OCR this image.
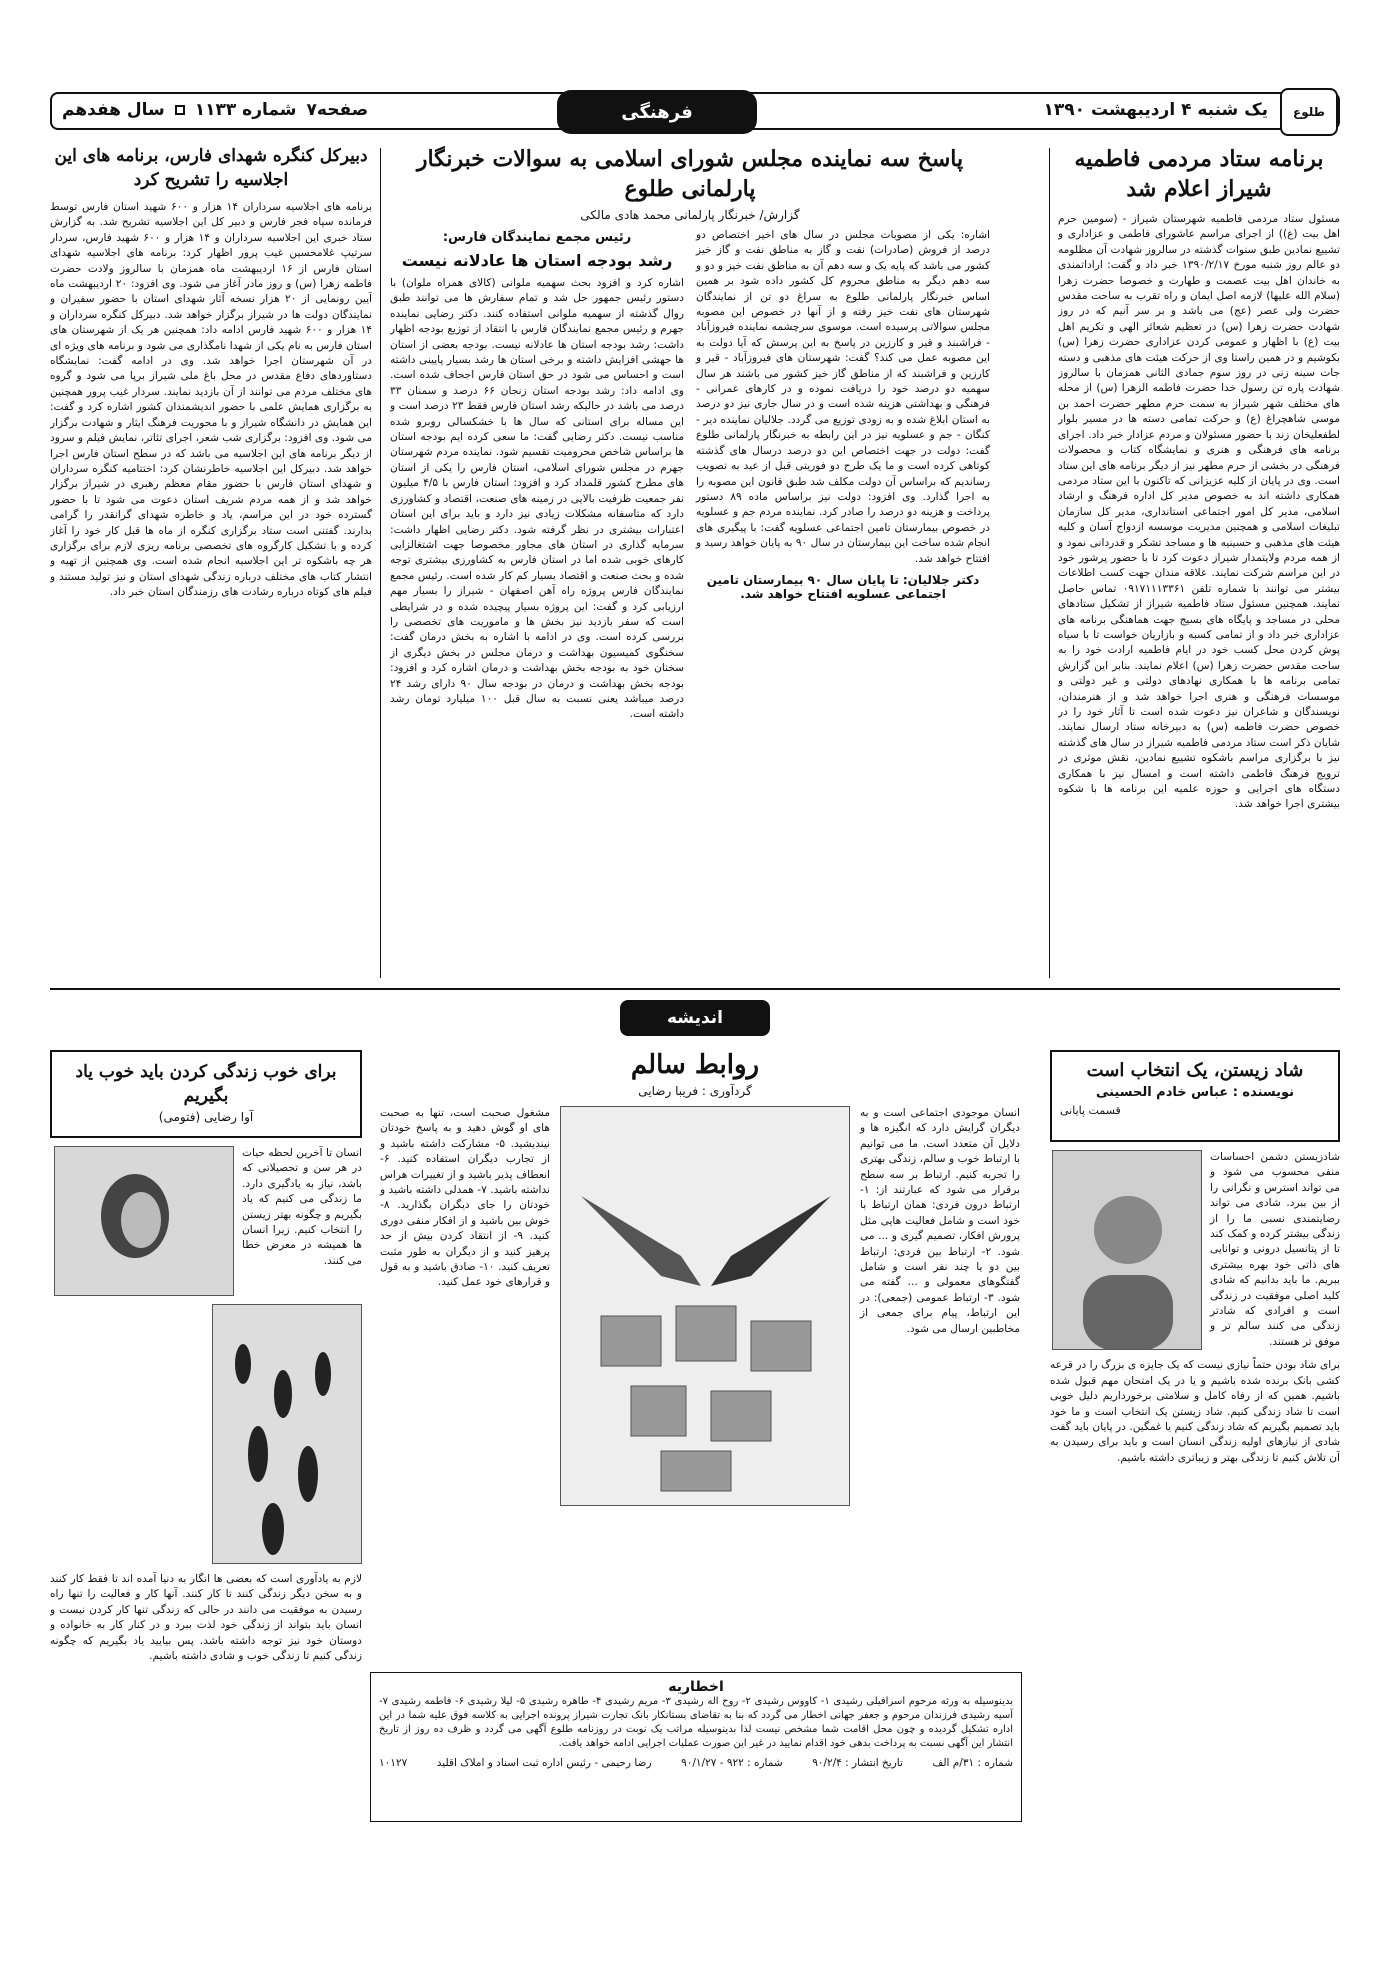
طلوع
یک شنبه ۴ اردیبهشت ۱۳۹۰
فرهنگی
صفحه۷
شماره ۱۱۳۳
سال هفدهم
برنامه ستاد مردمی فاطمیه شیراز اعلام شد
مسئول ستاد مردمی فاطمیه شهرستان شیراز - (سومین حرم اهل بیت (ع)) از اجرای مراسم عاشورای فاطمی و عزاداری و تشییع نمادین طبق سنوات گذشته در سالروز شهادت آن مظلومه دو عالم روز شنبه مورخ ۱۳۹۰/۲/۱۷ خبر داد و گفت: اراداتمندی به خاندان اهل بیت عصمت و طهارت و خصوصا حضرت زهرا (سلام الله علیها) لازمه اصل ایمان و راه تقرب به ساحت مقدس حضرت ولی عصر (عج) می باشد و بر سر آنیم که در روز شهادت حضرت زهرا (س) در تعظیم شعائر الهی و تکریم اهل بیت (ع) با اظهار و عمومی کردن عزاداری حضرت زهرا (س) بکوشیم و در همین راستا وی از حرکت هیئت های مذهبی و دسته جات سینه زنی در روز سوم جمادی الثانی همزمان با سالروز شهادت پاره تن رسول خدا حضرت فاطمه الزهرا (س) از محله های مختلف شهر شیراز به سمت حرم مطهر حضرت احمد بن موسی شاهچراغ (ع) و حرکت تمامی دسته ها در مسیر بلوار لطفعلیخان زند با حضور مسئولان و مردم عزادار خبر داد. اجرای برنامه های فرهنگی و هنری و نمایشگاه کتاب و محصولات فرهنگی در بخشی از حرم مطهر نیز از دیگر برنامه های این ستاد است. وی در پایان از کلیه عزیزانی که تاکنون با این ستاد مردمی همکاری داشته اند به خصوص مدیر کل اداره فرهنگ و ارشاد اسلامی، مدیر کل امور اجتماعی استانداری، مدیر کل سازمان تبلیغات اسلامی و همچنین مدیریت موسسه ازدواج آسان و کلیه هیئت های مذهبی و حسینیه ها و مساجد تشکر و قدردانی نمود و از همه مردم ولایتمدار شیراز دعوت کرد تا با حضور پرشور خود در این مراسم شرکت نمایند. علاقه مندان جهت کسب اطلاعات بیشتر می توانند با شماره تلفن ۰۹۱۷۱۱۱۳۳۶۱ تماس حاصل نمایند. همچنین مسئول ستاد فاطمیه شیراز از تشکیل ستادهای محلی در مساجد و پایگاه های بسیج جهت هماهنگی برنامه های عزاداری خبر داد و از تمامی کسبه و بازاریان خواست تا با سیاه پوش کردن محل کسب خود در ایام فاطمیه ارادت خود را به ساحت مقدس حضرت زهرا (س) اعلام نمایند. بنابر این گزارش تمامی برنامه ها با همکاری نهادهای دولتی و غیر دولتی و موسسات فرهنگی و هنری اجرا خواهد شد و از هنرمندان، نویسندگان و شاعران نیز دعوت شده است تا آثار خود را در خصوص حضرت فاطمه (س) به دبیرخانه ستاد ارسال نمایند. شایان ذکر است ستاد مردمی فاطمیه شیراز در سال های گذشته نیز با برگزاری مراسم باشکوه تشییع نمادین، نقش موثری در ترویج فرهنگ فاطمی داشته است و امسال نیز با همکاری دستگاه های اجرایی و حوزه علمیه این برنامه ها با شکوه بیشتری اجرا خواهد شد.
پاسخ سه نماینده مجلس شورای اسلامی به سوالات خبرنگار پارلمانی طلوع
گزارش/ خبرنگار پارلمانی محمد هادی مالکی
اشاره: یکی از مصوبات مجلس در سال های اخیر اختصاص دو درصد از فروش (صادرات) نفت و گاز به مناطق نفت و گاز خیز کشور می باشد که پایه یک و سه دهم آن به مناطق نفت خیز و دو و سه دهم دیگر به مناطق محروم کل کشور داده شود بر همین اساس خبرنگار پارلمانی طلوع به سراغ دو تن از نمایندگان شهرستان های نفت خیز رفته و از آنها در خصوص این مصوبه مجلس سوالاتی پرسیده است. موسوی سرچشمه نماینده فیروزآباد - فراشبند و قیر و کارزین در پاسخ به این پرسش که آیا دولت به این مصوبه عمل می کند؟ گفت: شهرستان های فیروزآباد - قیر و کارزین و فراشبند که از مناطق گاز خیز کشور می باشند هر سال سهمیه دو درصد خود را دریافت نموده و در کارهای عمرانی - فرهنگی و بهداشتی هزینه شده است و در سال جاری نیز دو درصد به استان ابلاغ شده و به زودی توزیع می گردد. جلالیان نماینده دیر - کنگان - جم و عسلویه نیز در این رابطه به خبرنگار پارلمانی طلوع گفت: دولت در جهت اختصاص این دو درصد درسال های گذشته کوتاهی کرده است و ما یک طرح دو فوریتی قبل از عید به تصویب رساندیم که براساس آن دولت مکلف شد طبق قانون این مصوبه را به اجرا گذارد. وی افزود: دولت نیز براساس ماده ۸۹ دستور پرداخت و هزینه دو درصد را صادر کرد. نماینده مردم جم و عسلویه در خصوص بیمارستان تامین اجتماعی عسلویه گفت: با پیگیری های انجام شده ساخت این بیمارستان در سال ۹۰ به پایان خواهد رسید و افتتاح خواهد شد.
دکتر جلالیان: تا پایان سال ۹۰ بیمارستان تامین اجتماعی عسلویه افتتاح خواهد شد.
رئیس مجمع نمایندگان فارس:
رشد بودجه استان ها عادلانه نیست
اشاره کرد و افزود بحث سهمیه ملوانی (کالای همراه ملوان) با دستور رئیس جمهور حل شد و تمام سفارش ها می توانند طبق روال گذشته از سهمیه ملوانی استفاده کنند. دکتر رضایی نماینده جهرم و رئیس مجمع نمایندگان فارس با انتقاد از توزیع بودجه اظهار داشت: رشد بودجه استان ها عادلانه نیست. بودجه بعضی از استان ها جهشی افزایش داشته و برخی استان ها رشد بسیار پایینی داشته است و احساس می شود در حق استان فارس اجحاف شده است. وی ادامه داد: رشد بودجه استان زنجان ۶۶ درصد و سمنان ۳۳ درصد می باشد در حالیکه رشد استان فارس فقط ۲۳ درصد است و این مساله برای استانی که سال ها با خشکسالی روبرو شده مناسب نیست. دکتر رضایی گفت: ما سعی کرده ایم بودجه استان ها براساس شاخص محرومیت تقسیم شود. نماینده مردم شهرستان جهرم در مجلس شورای اسلامی، استان فارس را یکی از استان های مطرح کشور قلمداد کرد و افزود: استان فارس با ۴/۵ میلیون نفر جمعیت ظرفیت بالایی در زمینه های صنعت، اقتصاد و کشاورزی دارد که متاسفانه مشکلات زیادی نیز دارد و باید برای این استان اعتبارات بیشتری در نظر گرفته شود. دکتر رضایی اظهار داشت: سرمایه گذاری در استان های مجاور مخصوصا جهت اشتغالزایی کارهای خوبی شده اما در استان فارس به کشاورزی بیشتری توجه شده و بحث صنعت و اقتصاد بسیار کم کار شده است. رئیس مجمع نمایندگان فارس پروژه راه آهن اصفهان - شیراز را بسیار مهم ارزیابی کرد و گفت: این پروژه بسیار پیچیده شده و در شرایطی است که سفر بازدید نیز بخش ها و ماموریت های تخصصی را بررسی کرده است. وی در ادامه با اشاره به بخش درمان گفت: سخنگوی کمیسیون بهداشت و درمان مجلس در بخش دیگری از سخنان خود به بودجه بخش بهداشت و درمان اشاره کرد و افزود: بودجه بخش بهداشت و درمان در بودجه سال ۹۰ دارای رشد ۲۴ درصد میباشد یعنی نسبت به سال قبل ۱۰۰ میلیارد تومان رشد داشته است.
دبیرکل کنگره شهدای فارس، برنامه های این اجلاسیه را تشریح کرد
برنامه های اجلاسیه سرداران ۱۴ هزار و ۶۰۰ شهید استان فارس توسط فرمانده سپاه فجر فارس و دبیر کل این اجلاسیه تشریح شد. به گزارش ستاد خبری این اجلاسیه سرداران و ۱۴ هزار و ۶۰۰ شهید فارس، سردار سرتیپ غلامحسین غیب پرور اظهار کرد: برنامه های اجلاسیه شهدای استان فارس از ۱۶ اردیبهشت ماه همزمان با سالروز ولادت حضرت فاطمه زهرا (س) و روز مادر آغاز می شود. وی افزود: ۲۰ اردیبهشت ماه آیین رونمایی از ۲۰ هزار نسخه آثار شهدای استان با حضور سفیران و نمایندگان دولت ها در شیراز برگزار خواهد شد. دبیرکل کنگره سرداران و ۱۴ هزار و ۶۰۰ شهید فارس ادامه داد: همچنین هر یک از شهرستان های استان فارس به نام یکی از شهدا نامگذاری می شود و برنامه های ویژه ای در آن شهرستان اجرا خواهد شد. وی در ادامه گفت: نمایشگاه دستاوردهای دفاع مقدس در محل باغ ملی شیراز برپا می شود و گروه های مختلف مردم می توانند از آن بازدید نمایند. سردار غیب پرور همچنین به برگزاری همایش علمی با حضور اندیشمندان کشور اشاره کرد و گفت: این همایش در دانشگاه شیراز و با محوریت فرهنگ ایثار و شهادت برگزار می شود. وی افزود: برگزاری شب شعر، اجرای تئاتر، نمایش فیلم و سرود از دیگر برنامه های این اجلاسیه می باشد که در سطح استان فارس اجرا خواهد شد. دبیرکل این اجلاسیه خاطرنشان کرد: اختتامیه کنگره سرداران و شهدای استان فارس با حضور مقام معظم رهبری در شیراز برگزار خواهد شد و از همه مردم شریف استان دعوت می شود تا با حضور گسترده خود در این مراسم، یاد و خاطره شهدای گرانقدر را گرامی بدارند. گفتنی است ستاد برگزاری کنگره از ماه ها قبل کار خود را آغاز کرده و با تشکیل کارگروه های تخصصی برنامه ریزی لازم برای برگزاری هر چه باشکوه تر این اجلاسیه انجام شده است. وی همچنین از تهیه و انتشار کتاب های مختلف درباره زندگی شهدای استان و نیز تولید مستند و فیلم های کوتاه درباره رشادت های رزمندگان استان خبر داد.
اندیشه
شاد زیستن، یک انتخاب است
نویسنده : عباس خادم الحسینی
قسمت پایانی
شادزیستن دشمن احساسات منفی محسوب می شود و می تواند استرس و نگرانی را از بین ببرد. شادی می تواند رضایتمندی نسبی ما را از زندگی بیشتر کرده و کمک کند تا از پتانسیل درونی و توانایی های ذاتی خود بهره بیشتری ببریم. ما باید بدانیم که شادی کلید اصلی موفقیت در زندگی است و افرادی که شادتر زندگی می کنند سالم تر و موفق تر هستند.
برای شاد بودن حتماً نیازی نیست که یک جایزه ی بزرگ را در قرعه کشی بانک برنده شده باشیم و یا در یک امتحان مهم قبول شده باشیم. همین که از رفاه کامل و سلامتی برخورداریم دلیل خوبی است تا شاد زندگی کنیم. شاد زیستن یک انتخاب است و ما خود باید تصمیم بگیریم که شاد زندگی کنیم یا غمگین. در پایان باید گفت شادی از نیازهای اولیه زندگی انسان است و باید برای رسیدن به آن تلاش کنیم تا زندگی بهتر و زیباتری داشته باشیم.
روابط سالم
گردآوری : فریبا رضایی
انسان موجودی اجتماعی است و به دیگران گرایش دارد که انگیزه ها و دلایل آن متعدد است. ما می توانیم با ارتباط خوب و سالم، زندگی بهتری را تجربه کنیم. ارتباط بر سه سطح برقرار می شود که عبارتند از: ۱- ارتباط درون فردی: همان ارتباط با خود است و شامل فعالیت هایی مثل پرورش افکار، تصمیم گیری و ... می شود. ۲- ارتباط بین فردی: ارتباط بین دو یا چند نفر است و شامل گفتگوهای معمولی و ... گفته می شود. ۳- ارتباط عمومی (جمعی): در این ارتباط، پیام برای جمعی از مخاطبین ارسال می شود.
مشغول صحبت است، تنها به صحبت های او گوش دهید و به پاسخ خودتان نیندیشید. ۵- مشارکت داشته باشید و از تجارب دیگران استفاده کنید. ۶- انعطاف پذیر باشید و از تغییرات هراس نداشته باشید. ۷- همدلی داشته باشید و خودتان را جای دیگران بگذارید. ۸- خوش بین باشید و از افکار منفی دوری کنید. ۹- از انتقاد کردن بیش از حد پرهیز کنید و از دیگران به طور مثبت تعریف کنید. ۱۰- صادق باشید و به قول و قرارهای خود عمل کنید.
اخطاریه
بدینوسیله به ورثه مرحوم اسرافیلی رشیدی ۱- کاووس رشیدی ۲- روح اله رشیدی ۳- مریم رشیدی ۴- طاهره رشیدی ۵- لیلا رشیدی ۶- فاطمه رشیدی ۷- آسیه رشیدی فرزندان مرحوم و جعفر جهانی اخطار می گردد که بنا به تقاضای بستانکار بانک تجارت شیراز پرونده اجرایی به کلاسه فوق علیه شما در این اداره تشکیل گردیده و چون محل اقامت شما مشخص نیست لذا بدینوسیله مراتب یک نوبت در روزنامه طلوع آگهی می گردد و ظرف ده روز از تاریخ انتشار این آگهی نسبت به پرداخت بدهی خود اقدام نمایید در غیر این صورت عملیات اجرایی ادامه خواهد یافت.
شماره : ۳۱/م الف
تاریخ انتشار : ۹۰/۲/۴
شماره : ۹۲۲ - ۹۰/۱/۲۷
رضا رحیمی - رئیس اداره ثبت اسناد و املاک اقلید
۱۰۱۲۷
برای خوب زندگی کردن باید خوب یاد بگیریم
آوا رضایی (فتومی)
انسان تا آخرین لحظه حیات در هر سن و تحصیلاتی که باشد، نیاز به یادگیری دارد. ما زندگی می کنیم که یاد بگیریم و چگونه بهتر زیستن را انتخاب کنیم. زیرا انسان ها همیشه در معرض خطا می کنند.
لازم به یادآوری است که بعضی ها انگار به دنیا آمده اند تا فقط کار کنند و به سخن دیگر زندگی کنند تا کار کنند. آنها کار و فعالیت را تنها راه رسیدن به موفقیت می دانند در حالی که زندگی تنها کار کردن نیست و انسان باید بتواند از زندگی خود لذت ببرد و در کنار کار به خانواده و دوستان خود نیز توجه داشته باشد. پس بیایید یاد بگیریم که چگونه زندگی کنیم تا زندگی خوب و شادی داشته باشیم.
